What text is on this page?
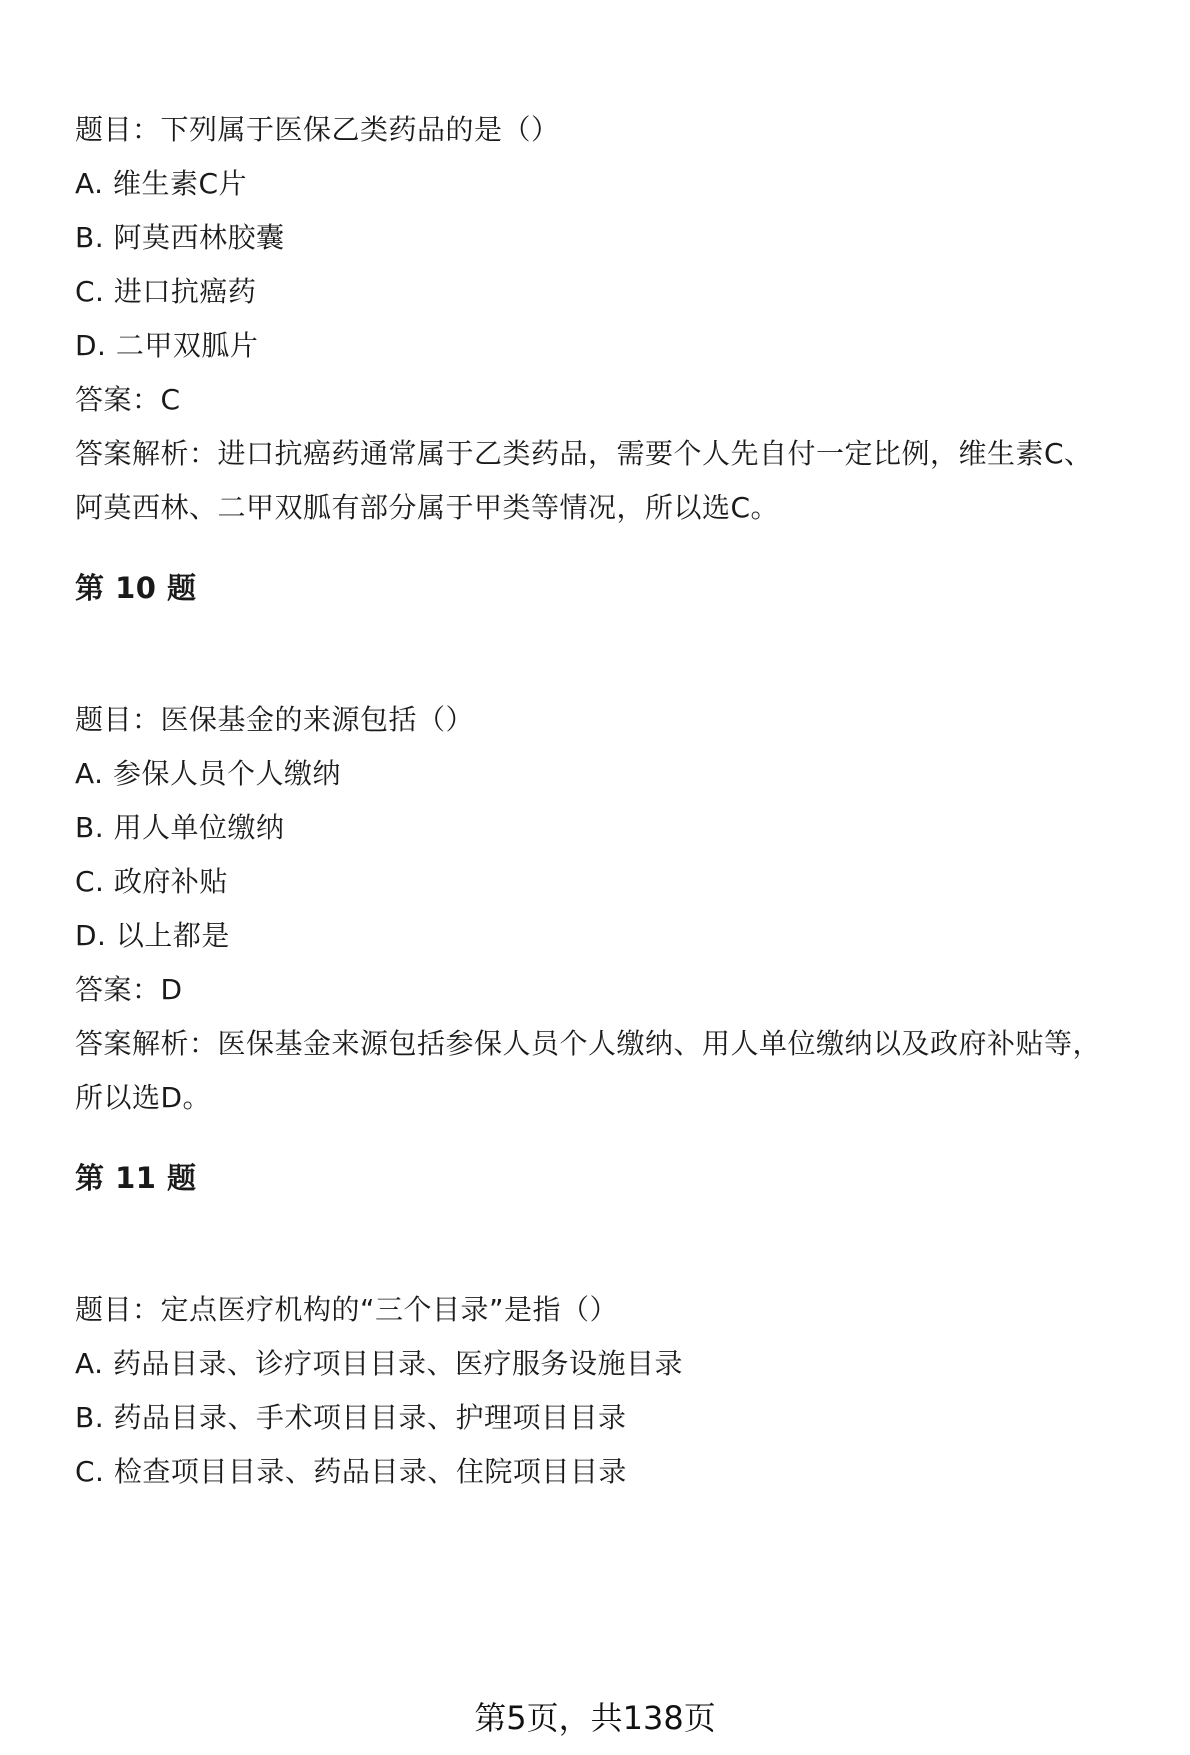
题目：下列属于医保乙类药品的是（）
A. 维生素C片
B. 阿莫西林胶囊
C. 进口抗癌药
D. 二甲双胍片
答案：C
答案解析：进口抗癌药通常属于乙类药品，需要个人先自付一定比例，维生素C、
阿莫西林、二甲双胍有部分属于甲类等情况，所以选C。
第 10 题
题目：医保基金的来源包括（）
A. 参保人员个人缴纳
B. 用人单位缴纳
C. 政府补贴
D. 以上都是
答案：D
答案解析：医保基金来源包括参保人员个人缴纳、用人单位缴纳以及政府补贴等，
所以选D。
第 11 题
题目：定点医疗机构的“三个目录”是指（）
A. 药品目录、诊疗项目目录、医疗服务设施目录
B. 药品目录、手术项目目录、护理项目目录
C. 检查项目目录、药品目录、住院项目目录
第5页，共138页
